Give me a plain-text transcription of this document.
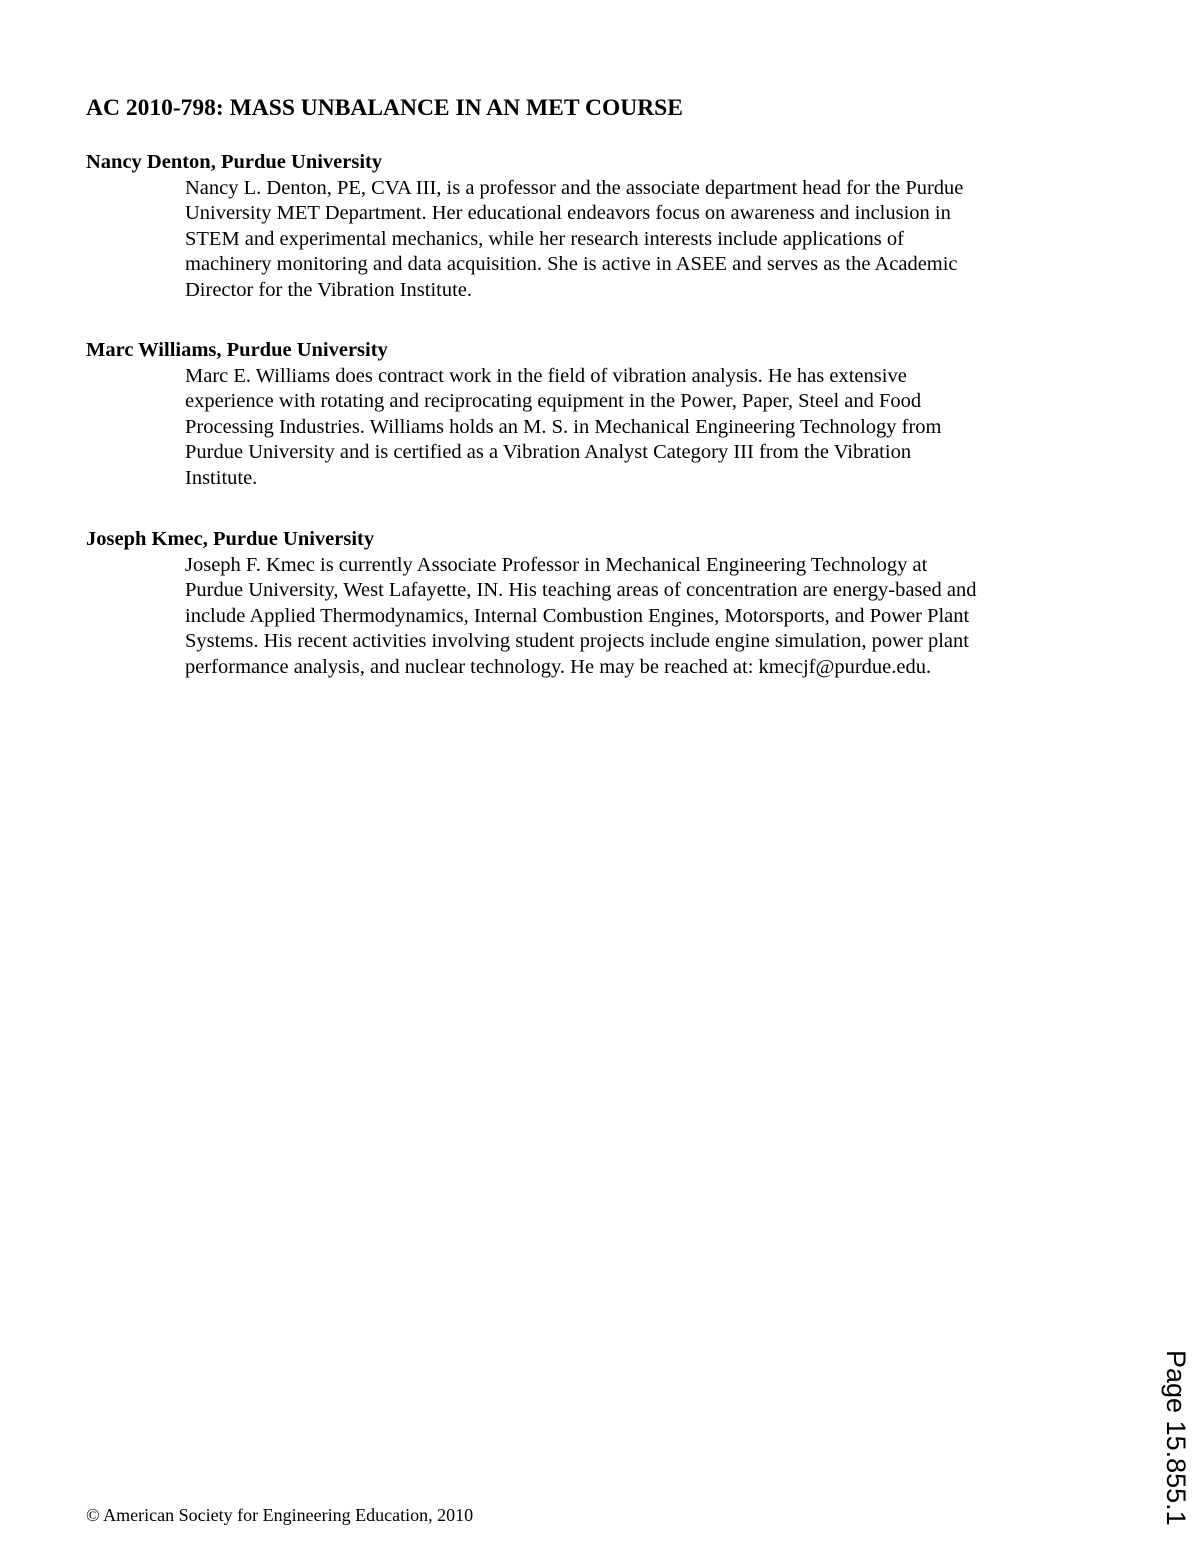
AC 2010-798: MASS UNBALANCE IN AN MET COURSE

Nancy Denton, Purdue University

Nancy L. Denton, PE, CVA III, is a professor and the associate department head for the Purdue
University MET Department. Her educational endeavors focus on awareness and inclusion in
STEM and experimental mechanics, while her research interests include applications of
machinery monitoring and data acquisition. She is active in ASEE and serves as the Academic
Director for the Vibration Institute.

Marc Williams, Purdue University

Marc E. Williams does contract work in the field of vibration analysis. He has extensive
experience with rotating and reciprocating equipment in the Power, Paper, Steel and Food
Processing Industries. Williams holds an M. S. in Mechanical Engineering Technology from
Purdue University and is certified as a Vibration Analyst Category III from the Vibration
Institute.

Joseph Kmec, Purdue University

Joseph F. Kmec is currently Associate Professor in Mechanical Engineering Technology at
Purdue University, West Lafayette, IN. His teaching areas of concentration are energy-based and
include Applied Thermodynamics, Internal Combustion Engines, Motorsports, and Power Plant
Systems. His recent activities involving student projects include engine simulation, power plant
performance analysis, and nuclear technology. He may be reached at: kmecjf@purdue.edu.

© American Society for Engineering Education, 2010	Page 15.855.1
